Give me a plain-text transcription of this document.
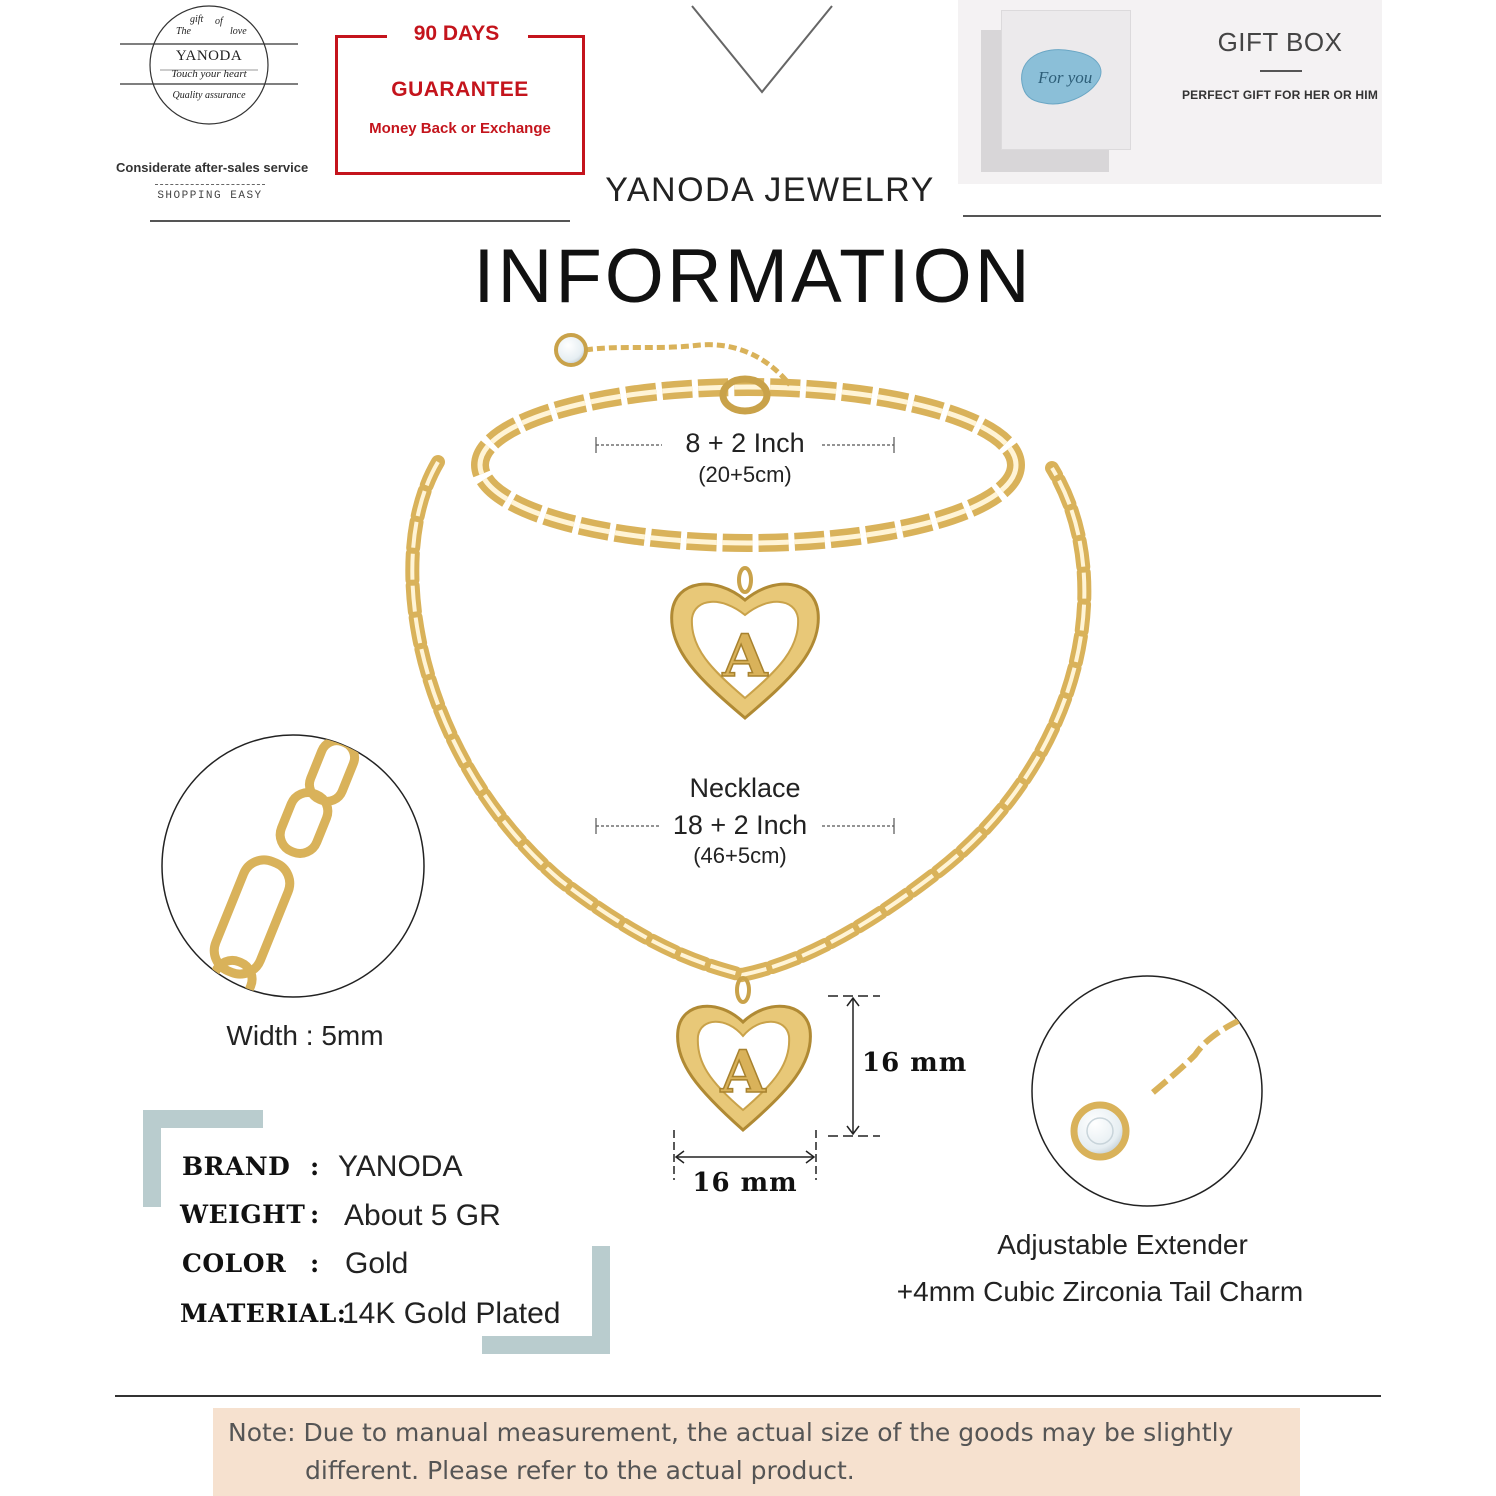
The
gift of
love
YANODA
Touch your heart
Quality assurance
Considerate after-sales service
SHOPPING EASY
90 DAYS
GUARANTEE
Money Back or Exchange
YANODA JEWELRY
For you
GIFT BOX
PERFECT GIFT FOR HER OR HIM
INFORMATION
A
A
8 + 2 Inch
(20+5cm)
Necklace
18 + 2 Inch
(46+5cm)
16 mm
16 mm
Width : 5mm
Adjustable Extender
+4mm Cubic Zirconia Tail Charm
BRAND : YANODA
WEIGHT : About 5 GR
COLOR : Gold
MATERIAL:
14K Gold Plated
Note: Due to manual measurement, the actual size of the goods may be slightly
different. Please refer to the actual product.
